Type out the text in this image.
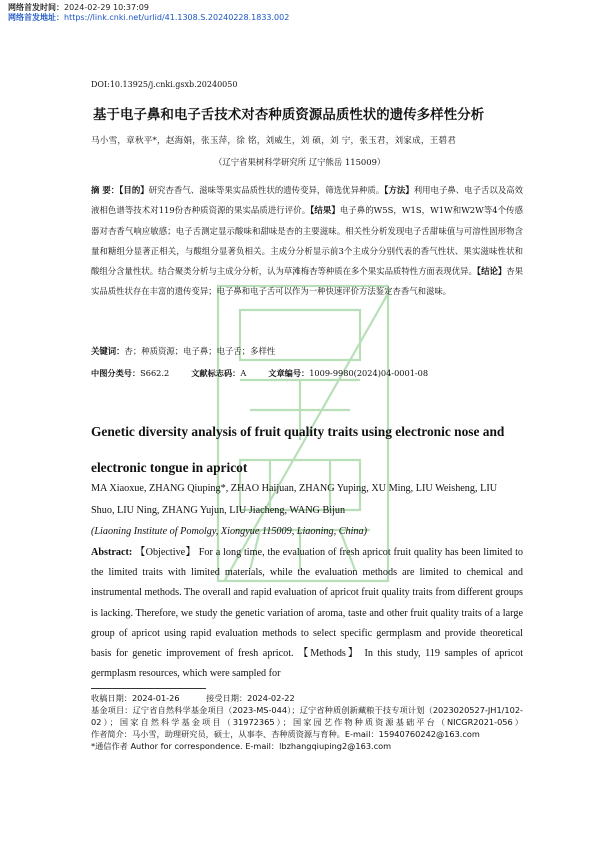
网络首发时间：2024-02-29 10:37:09
网络首发地址：https://link.cnki.net/urlid/41.1308.S.20240228.1833.002
DOI:10.13925/j.cnki.gsxb.20240050
基于电子鼻和电子舌技术对杏种质资源品质性状的遗传多样性分析
马小雪，章秋平*，赵海娟，张玉萍，徐 铭，刘威生，刘 硕，刘 宁，张玉君，刘家成，王碧君
（辽宁省果树科学研究所 辽宁熊岳 115009）
摘 要：【目的】研究杏香气、滋味等果实品质性状的遗传变异，筛选优异种质。【方法】利用电子鼻、电子舌以及高效液相色谱等技术对119份杏种质资源的果实品质进行评价。【结果】电子鼻的W5S，W1S，W1W和W2W等4个传感器对杏香气响应敏感；电子舌测定显示酸味和甜味是杏的主要滋味。相关性分析发现电子舌甜味值与可溶性固形物含量和糖组分显著正相关，与酸组分显著负相关。主成分分析显示前3个主成分分别代表的香气性状、果实滋味性状和酸组分含量性状。结合聚类分析与主成分分析，认为草滩梅杏等种质在多个果实品质特性方面表现优异。【结论】杏果实品质性状存在丰富的遗传变异；电子鼻和电子舌可以作为一种快速评价方法鉴定杏香气和滋味。
关键词：杏；种质资源；电子鼻；电子舌；多样性
中图分类号： S662.2	文献标志码： A	文章编号： 1009-9980(2024)04-0001-08
Genetic diversity analysis of fruit quality traits using electronic nose and electronic tongue in apricot
MA Xiaoxue, ZHANG Qiuping*, ZHAO Haijuan, ZHANG Yuping, XU Ming, LIU Weisheng, LIU Shuo, LIU Ning, ZHANG Yujun, LIU Jiacheng, WANG Bijun
(Liaoning Institute of Pomolgy, Xiongyue 115009, Liaoning, China)
Abstract: 【Objective】 For a long time, the evaluation of fresh apricot fruit quality has been limited to the limited traits with limited materials, while the evaluation methods are limited to chemical and instrumental methods. The overall and rapid evaluation of apricot fruit quality traits from different groups is lacking. Therefore, we study the genetic variation of aroma, taste and other fruit quality traits of a large group of apricot using rapid evaluation methods to select specific germplasm and provide theoretical basis for genetic improvement of fresh apricot. 【Methods】 In this study, 119 samples of apricot germplasm resources, which were sampled for
收稿日期：2024-01-26	接受日期：2024-02-22
基金项目：辽宁省自然科学基金项目（2023-MS-044）；辽宁省种质创新藏粮于技专项计划（2023020527-JH1/102-02）；国家自然科学基金项目（31972365）；国家园艺作物种质资源基础平台（NICGR2021-056）
作者简介：马小雪，助理研究员，硕士，从事李、杏种质资源与育种。E-mail：15940760242@163.com
*通信作者 Author for correspondence. E-mail：lbzhangqiuping2@163.com
